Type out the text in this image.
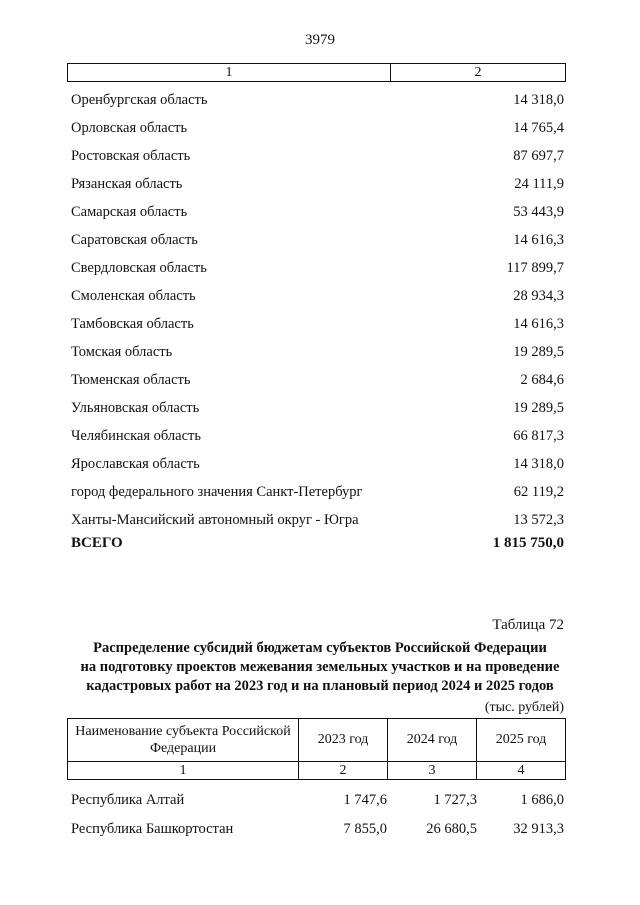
3979
1	2
Оренбургская область	14 318,0
Орловская область	14 765,4
Ростовская область	87 697,7
Рязанская область	24 111,9
Самарская область	53 443,9
Саратовская область	14 616,3
Свердловская область	117 899,7
Смоленская область	28 934,3
Тамбовская область	14 616,3
Томская область	19 289,5
Тюменская область	2 684,6
Ульяновская область	19 289,5
Челябинская область	66 817,3
Ярославская область	14 318,0
город федерального значения Санкт-Петербург	62 119,2
Ханты-Мансийский автономный округ - Югра	13 572,3
ВСЕГО	1 815 750,0
Таблица 72
Распределение субсидий бюджетам субъектов Российской Федерации
на подготовку проектов межевания земельных участков и на проведение
кадастровых работ на 2023 год и на плановый период 2024 и 2025 годов
(тыс. рублей)
Наименование субъекта Российской Федерации	2023 год	2024 год	2025 год
1	2	3	4
Республика Алтай	1 747,6	1 727,3	1 686,0
Республика Башкортостан	7 855,0	26 680,5	32 913,3
